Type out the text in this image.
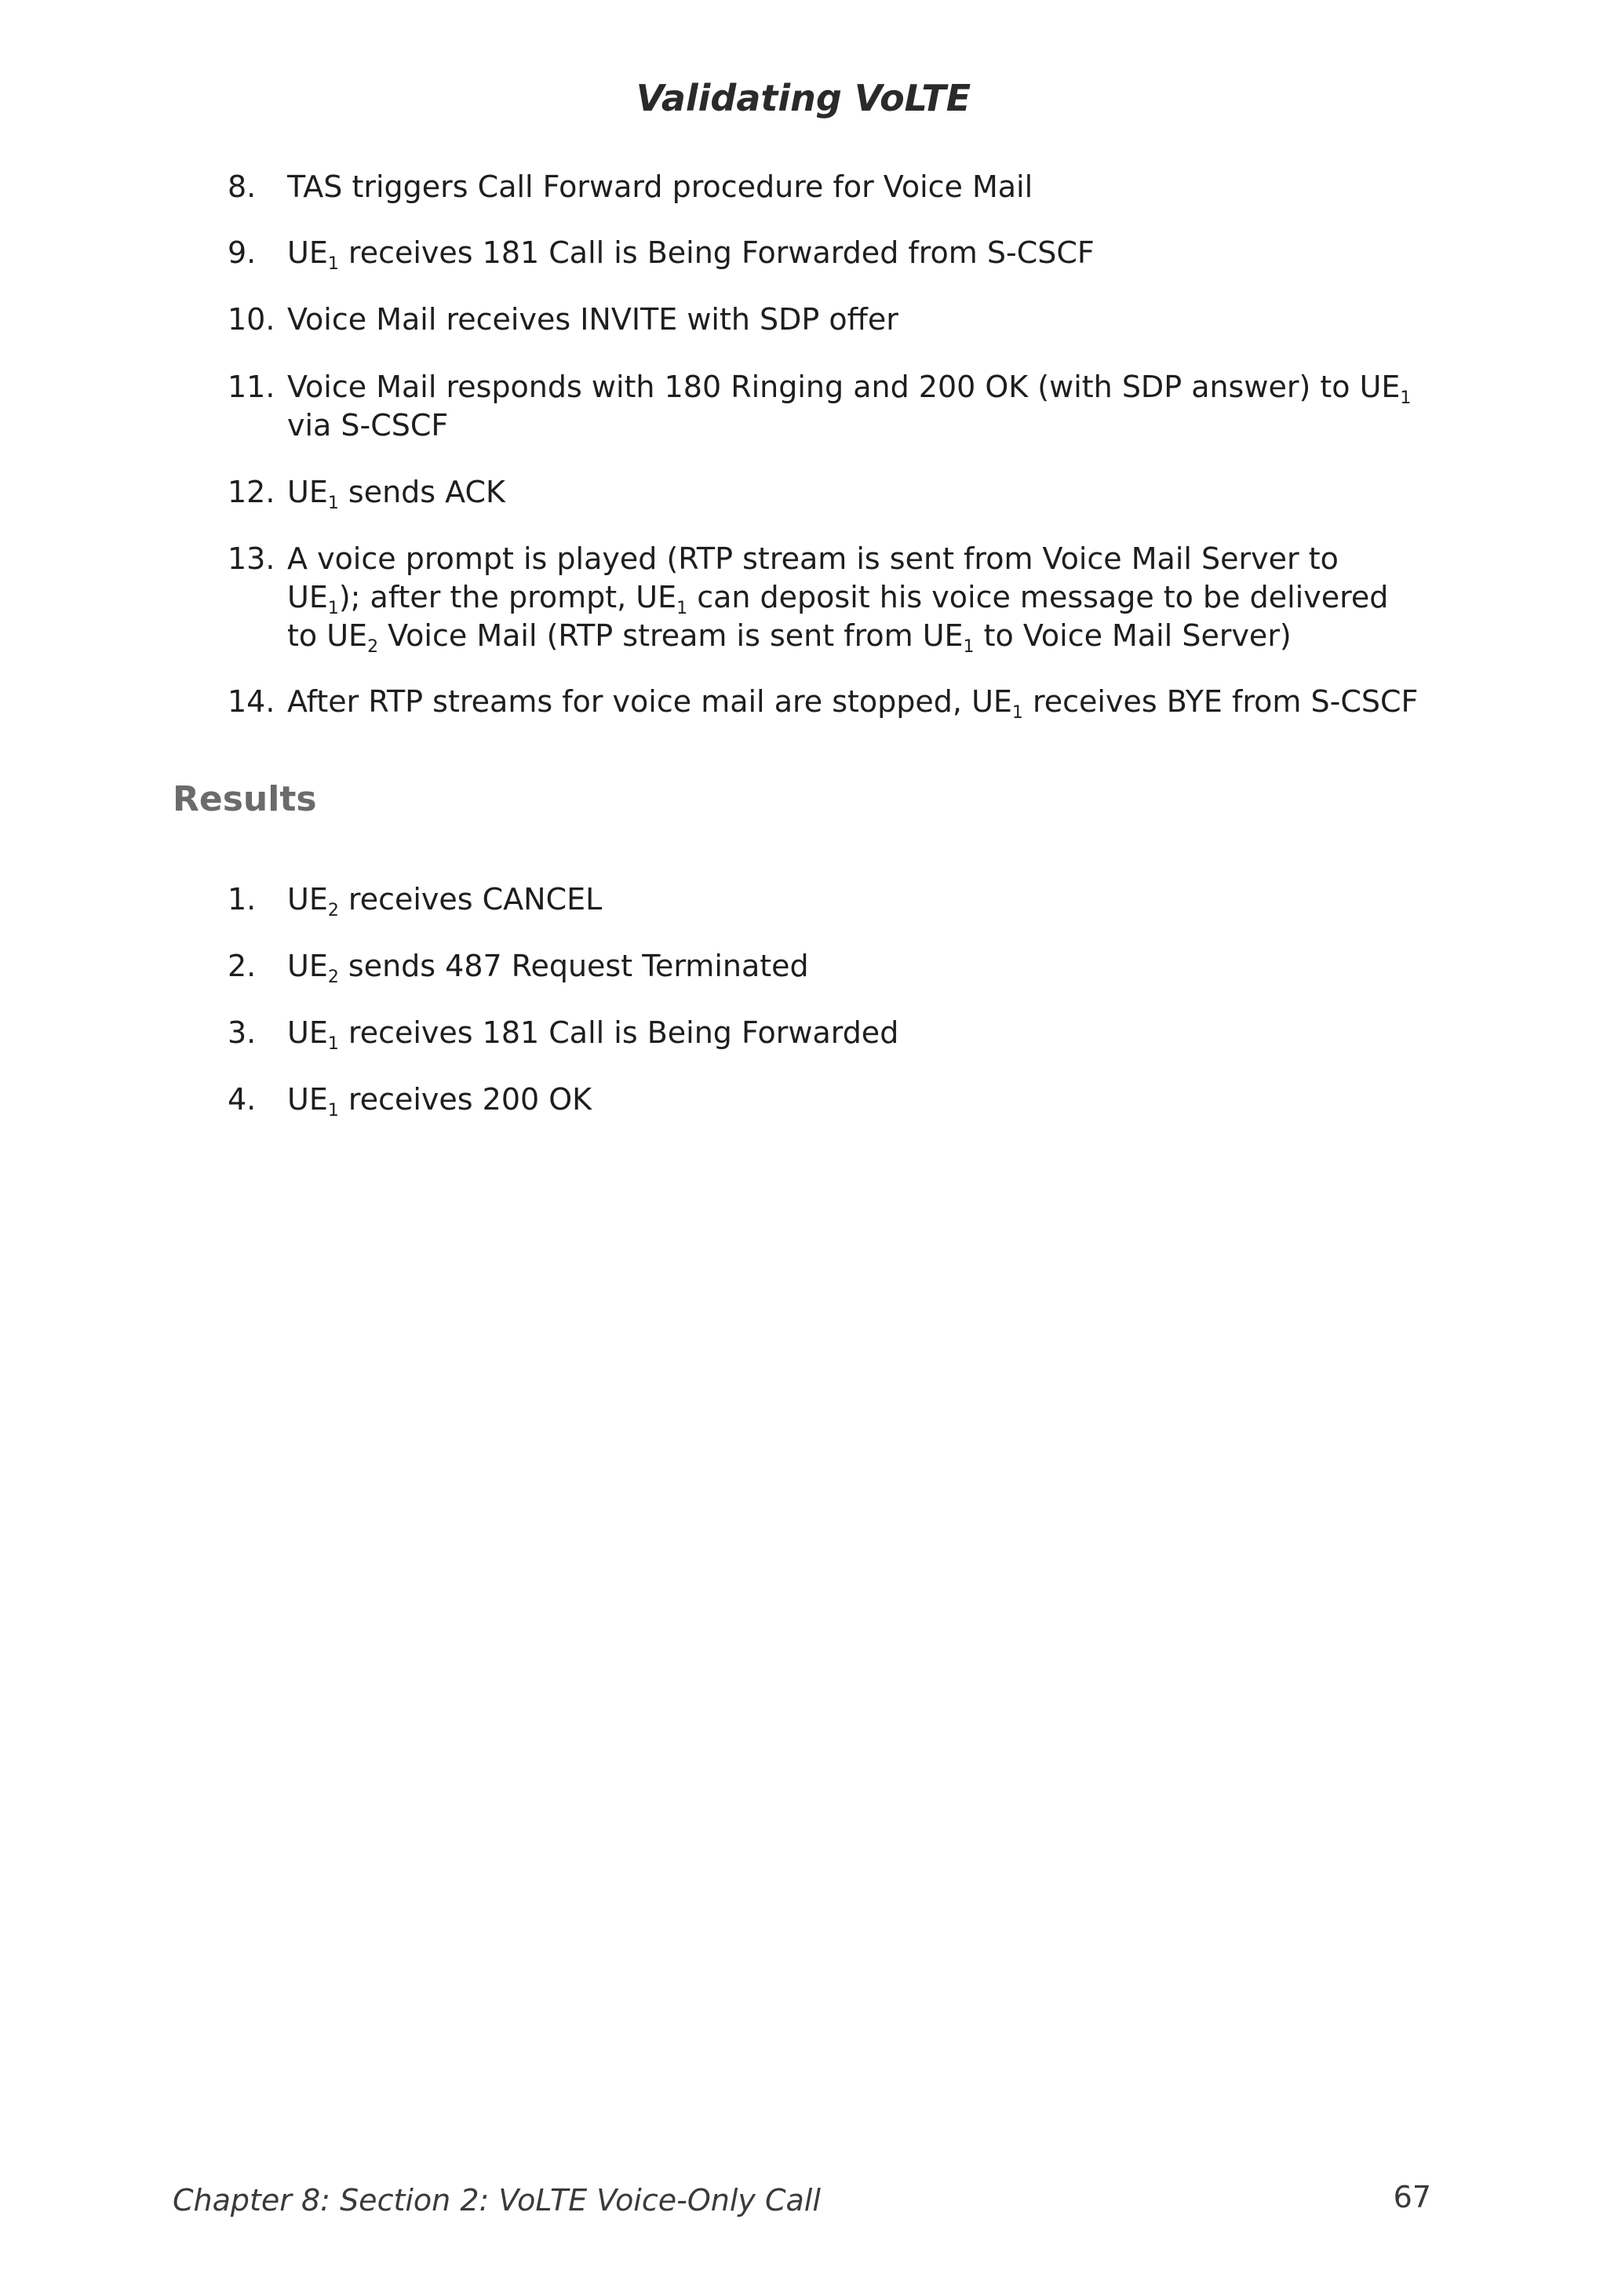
Validating VoLTE
8.	TAS triggers Call Forward procedure for Voice Mail
9.	$UE_1$ receives 181 Call is Being Forwarded from S-CSCF
10. Voice Mail receives INVITE with SDP offer
11. Voice Mail responds with 180 Ringing and 200 OK (with SDP answer) to $UE_1$ via S-CSCF
12. $UE_1$ sends ACK
13. A voice prompt is played (RTP stream is sent from Voice Mail Server to $UE_1$); after the prompt, $UE_1$ can deposit his voice message to be delivered to $UE_2$ Voice Mail (RTP stream is sent from $UE_1$ to Voice Mail Server)
14. After RTP streams for voice mail are stopped, $UE_1$ receives BYE from S-CSCF
Results
1.	$UE_2$ receives CANCEL
2.	$UE_2$ sends 487 Request Terminated
3.	$UE_1$ receives 181 Call is Being Forwarded
4.	$UE_1$ receives 200 OK
Chapter 8: Section 2: VoLTE Voice-Only Call	67
